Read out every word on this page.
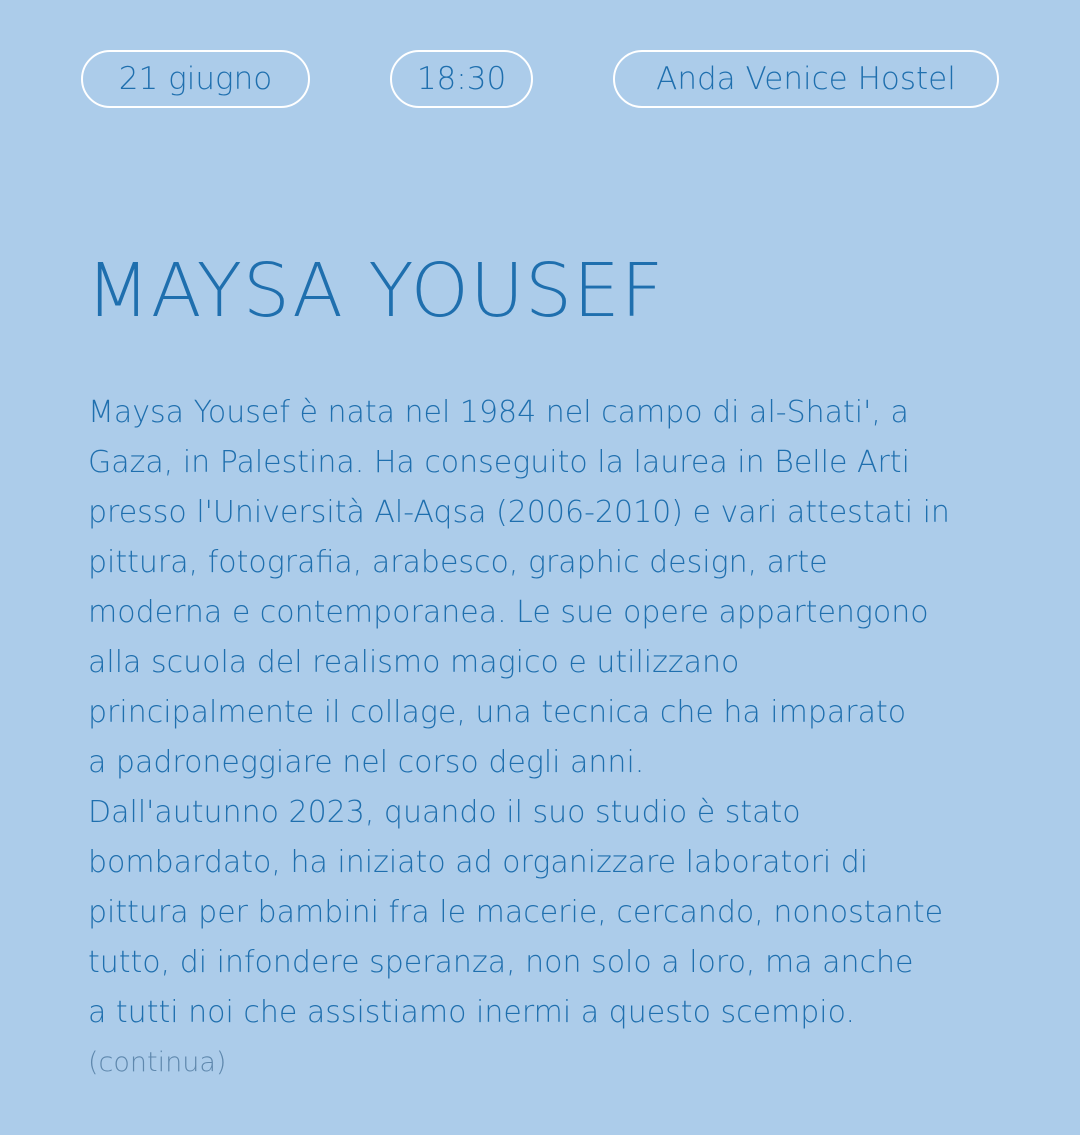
21 giugno	18:30	Anda Venice Hostel
MAYSA YOUSEF
Maysa Yousef è nata nel 1984 nel campo di al-Shati', a
Gaza, in Palestina. Ha conseguito la laurea in Belle Arti
presso l'Università Al-Aqsa (2006-2010) e vari attestati in
pittura, fotografia, arabesco, graphic design, arte
moderna e contemporanea. Le sue opere appartengono
alla scuola del realismo magico e utilizzano
principalmente il collage, una tecnica che ha imparato
a padroneggiare nel corso degli anni.
Dall'autunno 2023, quando il suo studio è stato
bombardato, ha iniziato ad organizzare laboratori di
pittura per bambini fra le macerie, cercando, nonostante
tutto, di infondere speranza, non solo a loro, ma anche
a tutti noi che assistiamo inermi a questo scempio.
(continua)
